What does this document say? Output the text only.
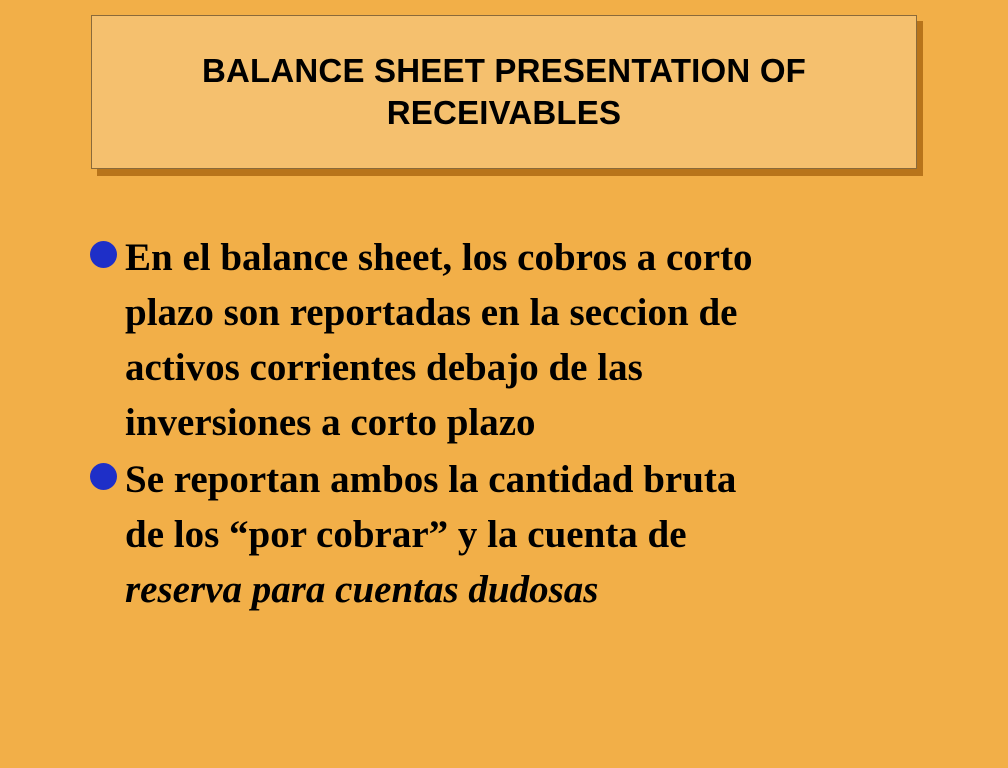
BALANCE SHEET PRESENTATION OF
RECEIVABLES
En el balance sheet, los cobros a corto
plazo son reportadas en la seccion de
activos corrientes debajo de las
inversiones a corto plazo
Se reportan ambos la cantidad bruta
de los “por cobrar” y la cuenta de
reserva para cuentas dudosas
